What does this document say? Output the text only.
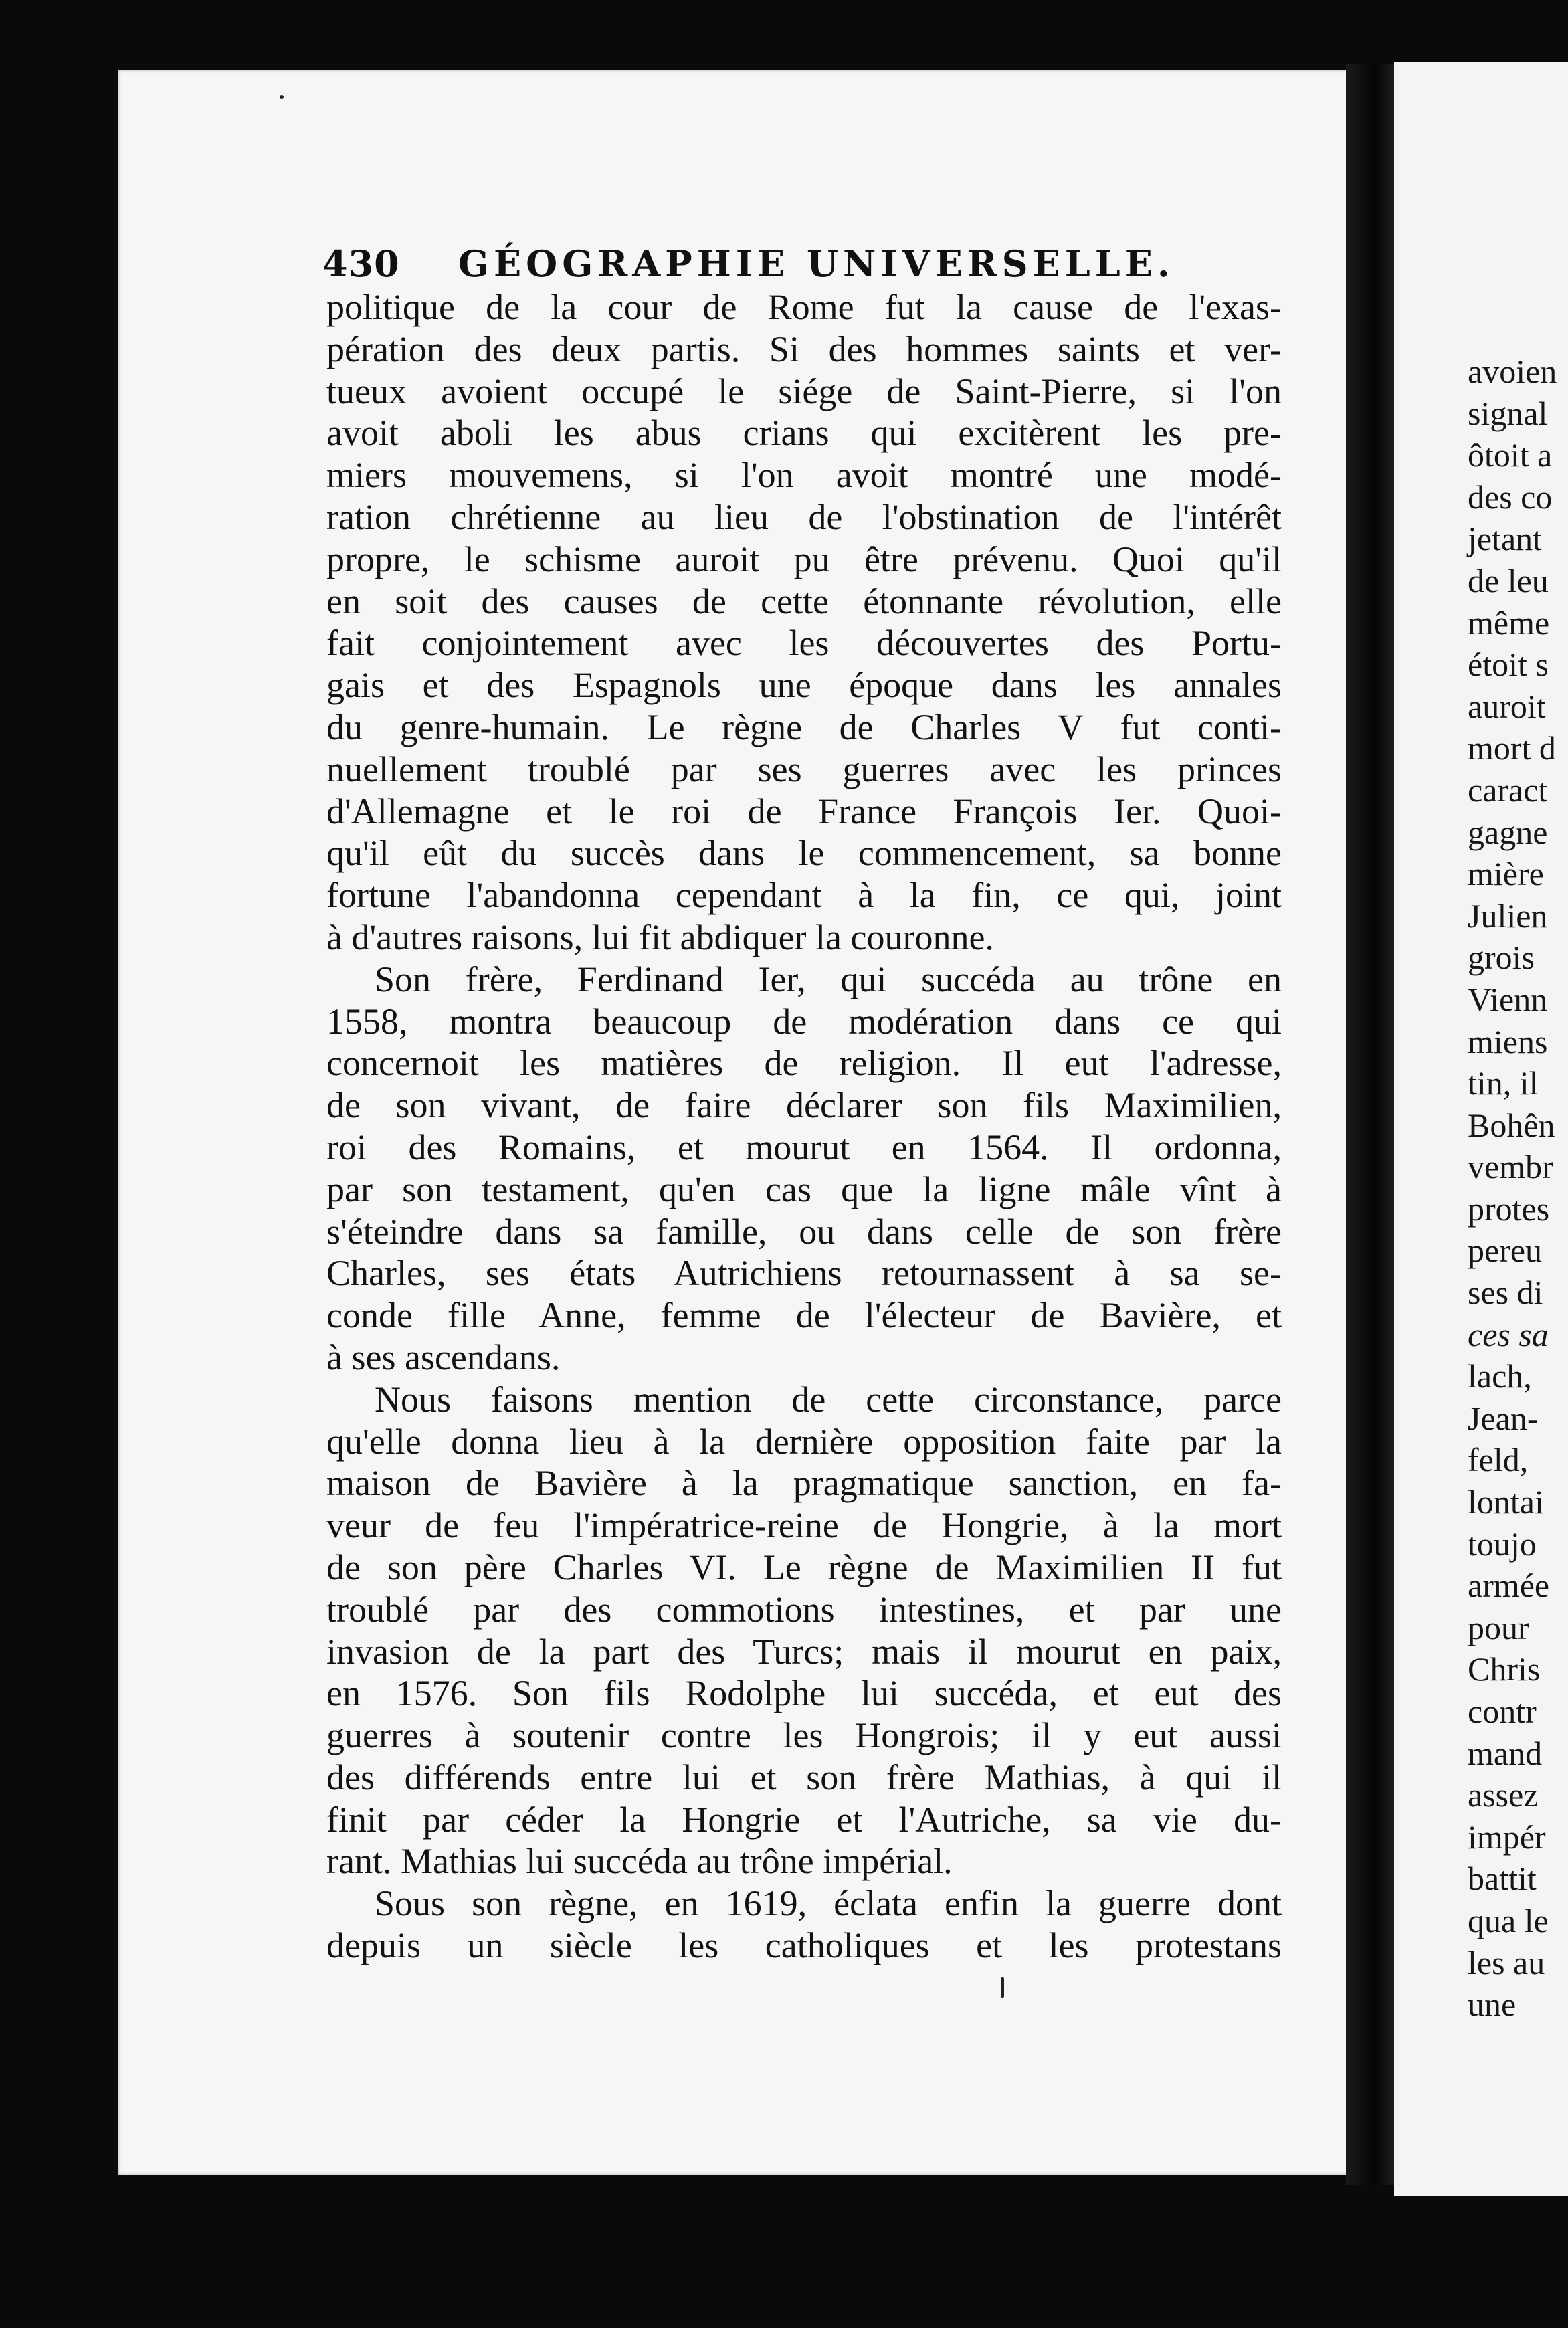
430 GÉOGRAPHIE UNIVERSELLE.
politique de la cour de Rome fut la cause de l'exas-
pération des deux partis. Si des hommes saints et ver-
tueux avoient occupé le siége de Saint-Pierre, si l'on
avoit aboli les abus crians qui excitèrent les pre-
miers mouvemens, si l'on avoit montré une modé-
ration chrétienne au lieu de l'obstination de l'intérêt
propre, le schisme auroit pu être prévenu. Quoi qu'il
en soit des causes de cette étonnante révolution, elle
fait conjointement avec les découvertes des Portu-
gais et des Espagnols une époque dans les annales
du genre-humain. Le règne de Charles V fut conti-
nuellement troublé par ses guerres avec les princes
d'Allemagne et le roi de France François Ier. Quoi-
qu'il eût du succès dans le commencement, sa bonne
fortune l'abandonna cependant à la fin, ce qui, joint
à d'autres raisons, lui fit abdiquer la couronne.
Son frère, Ferdinand Ier, qui succéda au trône en
1558, montra beaucoup de modération dans ce qui
concernoit les matières de religion. Il eut l'adresse,
de son vivant, de faire déclarer son fils Maximilien,
roi des Romains, et mourut en 1564. Il ordonna,
par son testament, qu'en cas que la ligne mâle vînt à
s'éteindre dans sa famille, ou dans celle de son frère
Charles, ses états Autrichiens retournassent à sa se-
conde fille Anne, femme de l'électeur de Bavière, et
à ses ascendans.
Nous faisons mention de cette circonstance, parce
qu'elle donna lieu à la dernière opposition faite par la
maison de Bavière à la pragmatique sanction, en fa-
veur de feu l'impératrice-reine de Hongrie, à la mort
de son père Charles VI. Le règne de Maximilien II fut
troublé par des commotions intestines, et par une
invasion de la part des Turcs; mais il mourut en paix,
en 1576. Son fils Rodolphe lui succéda, et eut des
guerres à soutenir contre les Hongrois; il y eut aussi
des différends entre lui et son frère Mathias, à qui il
finit par céder la Hongrie et l'Autriche, sa vie du-
rant. Mathias lui succéda au trône impérial.
Sous son règne, en 1619, éclata enfin la guerre dont
depuis un siècle les catholiques et les protestans
avoien
signal
ôtoit a
des co
jetant
de leu
même
étoit s
auroit
mort d
caract
gagne
mière
Julien
grois
Vienn
miens
tin, il
Bohên
vembr
protes
pereu
ses di
ces sa
lach,
Jean-
feld,
lontai
toujo
armée
pour
Chris
contr
mand
assez
impér
battit
qua le
les au
une
